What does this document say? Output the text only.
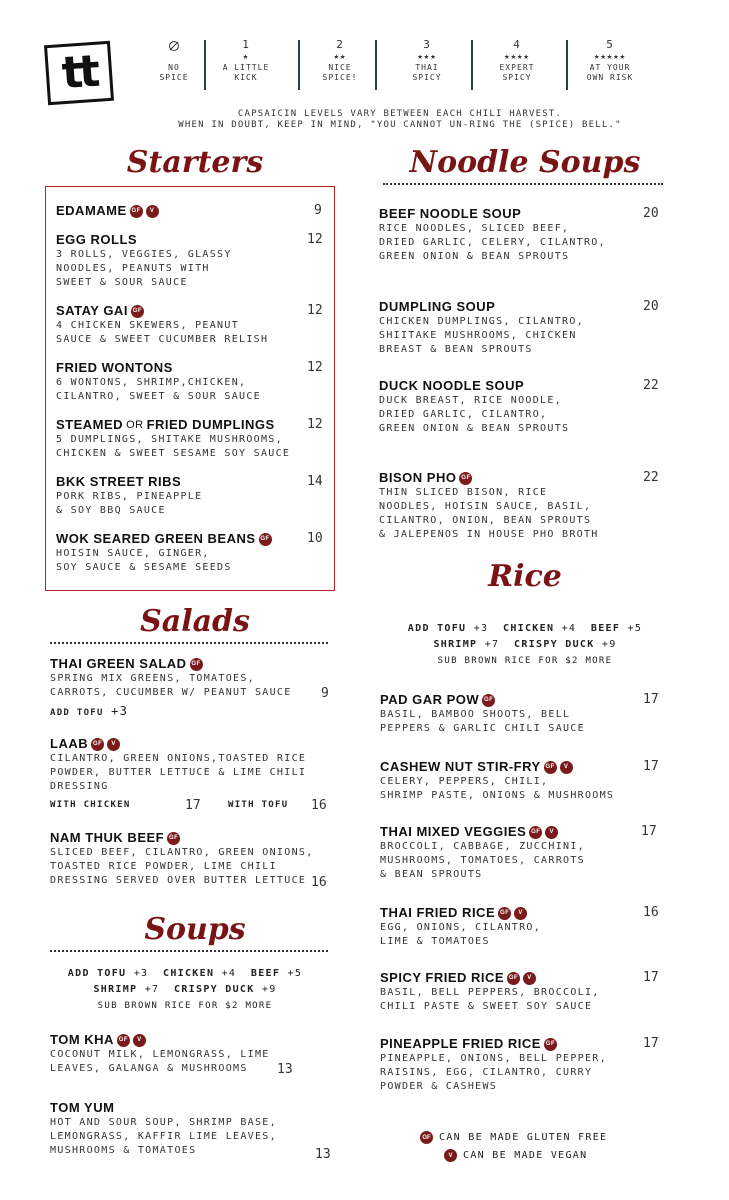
tt	NO
SPICE
1
★
A LITTLE
KICK
2
★★
NICE
SPICE!
3
★★★
THAI
SPICY
4
★★★★
EXPERT
SPICY
5
★★★★★
AT YOUR
OWN RISK
CAPSAICIN LEVELS VARY BETWEEN EACH CHILI HARVEST.
WHEN IN DOUBT, KEEP IN MIND, "YOU CANNOT UN-RING THE (SPICE) BELL."
Starters
EDAMAME GF	V	9
EGG ROLLS
3 ROLLS, VEGGIES, GLASSY
NOODLES, PEANUTS WITH
SWEET & SOUR SAUCE
12
SATAY GAI GF
4 CHICKEN SKEWERS, PEANUT
SAUCE & SWEET CUCUMBER RELISH
12
FRIED WONTONS
6 WONTONS, SHRIMP,CHICKEN,
CILANTRO, SWEET & SOUR SAUCE
12
STEAMED OR FRIED DUMPLINGS
5 DUMPLINGS, SHITAKE MUSHROOMS,
CHICKEN & SWEET SESAME SOY SAUCE
12
BKK STREET RIBS
PORK RIBS, PINEAPPLE
& SOY BBQ SAUCE
14
WOK SEARED GREEN BEANS GF
HOISIN SAUCE, GINGER,
SOY SAUCE & SESAME SEEDS
10
Salads
THAI GREEN SALAD GF
SPRING MIX GREENS, TOMATOES,
CARROTS, CUCUMBER W/ PEANUT SAUCE
ADD TOFU +3
9
LAAB GF	V
CILANTRO, GREEN ONIONS,TOASTED RICE
POWDER, BUTTER LETTUCE & LIME CHILI
DRESSING
WITH CHICKEN	17	WITH TOFU 16
NAM THUK BEEF GF
SLICED BEEF, CILANTRO, GREEN ONIONS,
TOASTED RICE POWDER, LIME CHILI
DRESSING SERVED OVER BUTTER LETTUCE 16
Soups
ADD TOFU +3 CHICKEN +4 BEEF +5
SHRIMP +7 CRISPY DUCK +9
SUB BROWN RICE FOR $2 MORE
TOM KHA GF	V
COCONUT MILK, LEMONGRASS, LIME
LEAVES, GALANGA & MUSHROOMS	13
TOM YUM
HOT AND SOUR SOUP, SHRIMP BASE,
LEMONGRASS, KAFFIR LIME LEAVES,
MUSHROOMS & TOMATOES	13
Noodle Soups
BEEF NOODLE SOUP
RICE NOODLES, SLICED BEEF,
DRIED GARLIC, CELERY, CILANTRO,
GREEN ONION & BEAN SPROUTS
20
DUMPLING SOUP
CHICKEN DUMPLINGS, CILANTRO,
SHIITAKE MUSHROOMS, CHICKEN
BREAST & BEAN SPROUTS
20
DUCK NOODLE SOUP
DUCK BREAST, RICE NOODLE,
DRIED GARLIC, CILANTRO,
GREEN ONION & BEAN SPROUTS
22
BISON PHO GF
THIN SLICED BISON, RICE
NOODLES, HOISIN SAUCE, BASIL,
CILANTRO, ONION, BEAN SPROUTS
& JALEPENOS IN HOUSE PHO BROTH
22
Rice
ADD TOFU +3 CHICKEN +4 BEEF +5
SHRIMP +7 CRISPY DUCK +9
SUB BROWN RICE FOR $2 MORE
PAD GAR POW GF
BASIL, BAMBOO SHOOTS, BELL
PEPPERS & GARLIC CHILI SAUCE
17
CASHEW NUT STIR-FRY GF	V
CELERY, PEPPERS, CHILI,
SHRIMP PASTE, ONIONS & MUSHROOMS
17
THAI MIXED VEGGIES GF	V
BROCCOLI, CABBAGE, ZUCCHINI,
MUSHROOMS, TOMATOES, CARROTS
& BEAN SPROUTS
17
THAI FRIED RICE GF	V
EGG, ONIONS, CILANTRO,
LIME & TOMATOES
16
SPICY FRIED RICE GF	V
BASIL, BELL PEPPERS, BROCCOLI,
CHILI PASTE & SWEET SOY SAUCE
17
PINEAPPLE FRIED RICE GF
PINEAPPLE, ONIONS, BELL PEPPER,
RAISINS, EGG, CILANTRO, CURRY
POWDER & CASHEWS
17
GF CAN BE MADE GLUTEN FREE
V	CAN BE MADE VEGAN
